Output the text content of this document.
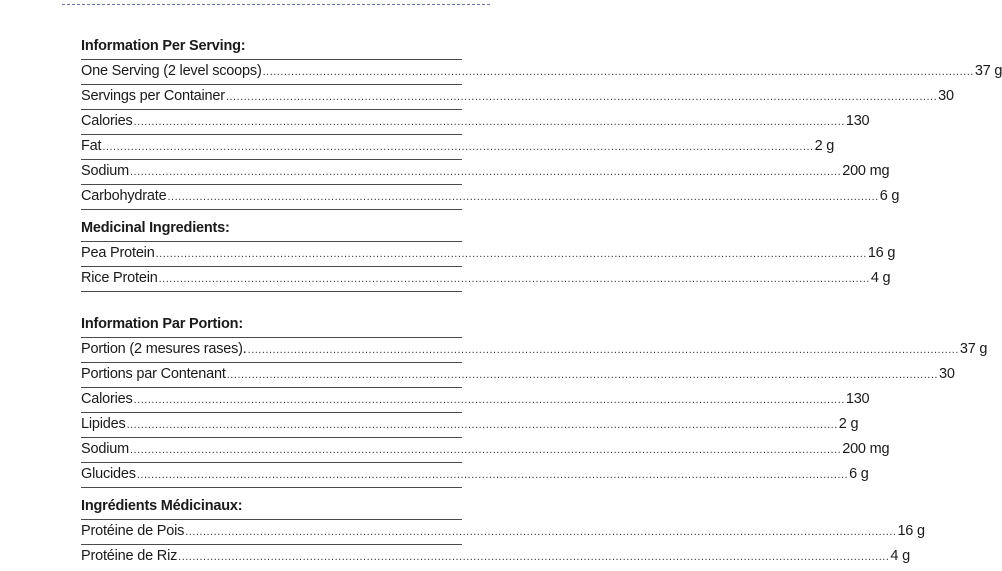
Information Per Serving:
One Serving (2 level scoops) ........................................................................................................................................................................................................ 37 g
Servings per Container ........................................................................................................................................................................................................ 30
Calories ........................................................................................................................................................................................................ 130
Fat ........................................................................................................................................................................................................ 2 g
Sodium ........................................................................................................................................................................................................ 200 mg
Carbohydrate ........................................................................................................................................................................................................ 6 g
Medicinal Ingredients:
Pea Protein ........................................................................................................................................................................................................ 16 g
Rice Protein ........................................................................................................................................................................................................ 4 g
Information Par Portion:
Portion (2 mesures rases). ........................................................................................................................................................................................................ 37 g
Portions par Contenant ........................................................................................................................................................................................................ 30
Calories ........................................................................................................................................................................................................ 130
Lipides ........................................................................................................................................................................................................ 2 g
Sodium ........................................................................................................................................................................................................ 200 mg
Glucides ........................................................................................................................................................................................................ 6 g
Ingrédients Médicinaux:
Protéine de Pois ........................................................................................................................................................................................................ 16 g
Protéine de Riz ........................................................................................................................................................................................................ 4 g
